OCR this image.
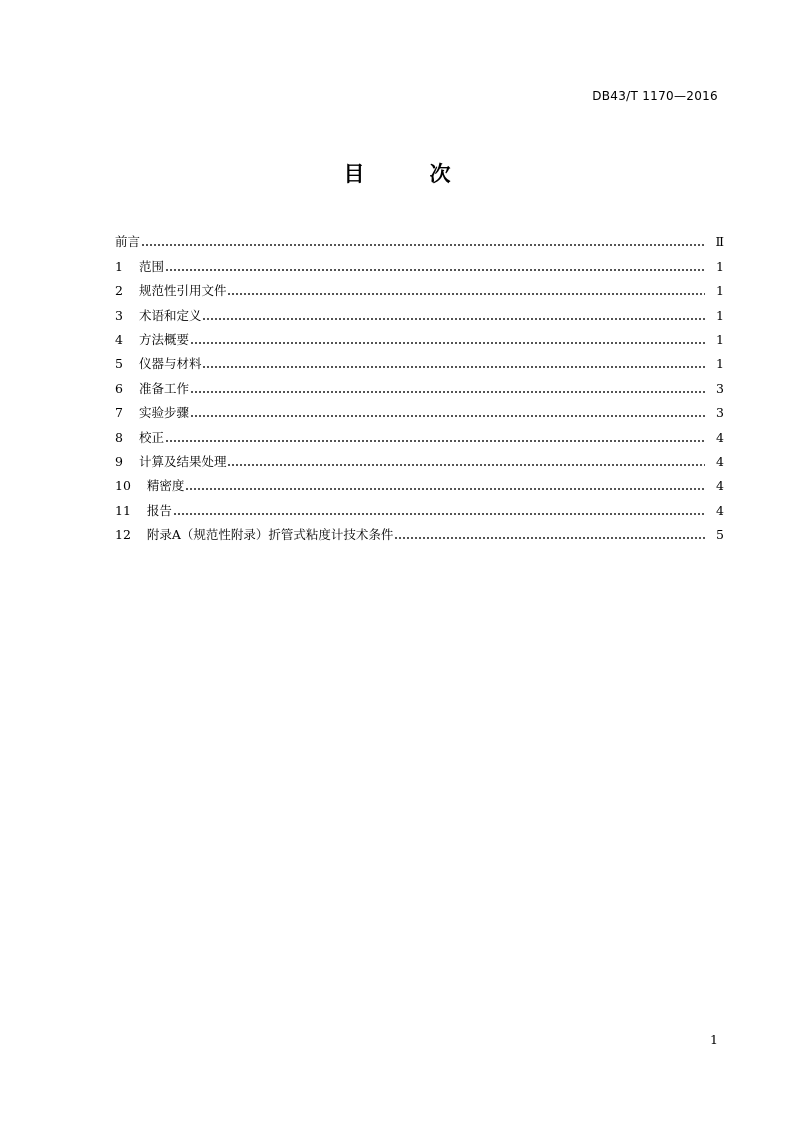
DB43/T 1170—2016
目　次
前言	Ⅱ
1 范围	1
2 规范性引用文件	1
3 术语和定义	1
4 方法概要	1
5 仪器与材料	1
6 准备工作	3
7 实验步骤	3
8 校正	4
9 计算及结果处理	4
10 精密度	4
11 报告	4
12 附录A（规范性附录）折管式粘度计技术条件	5
1
